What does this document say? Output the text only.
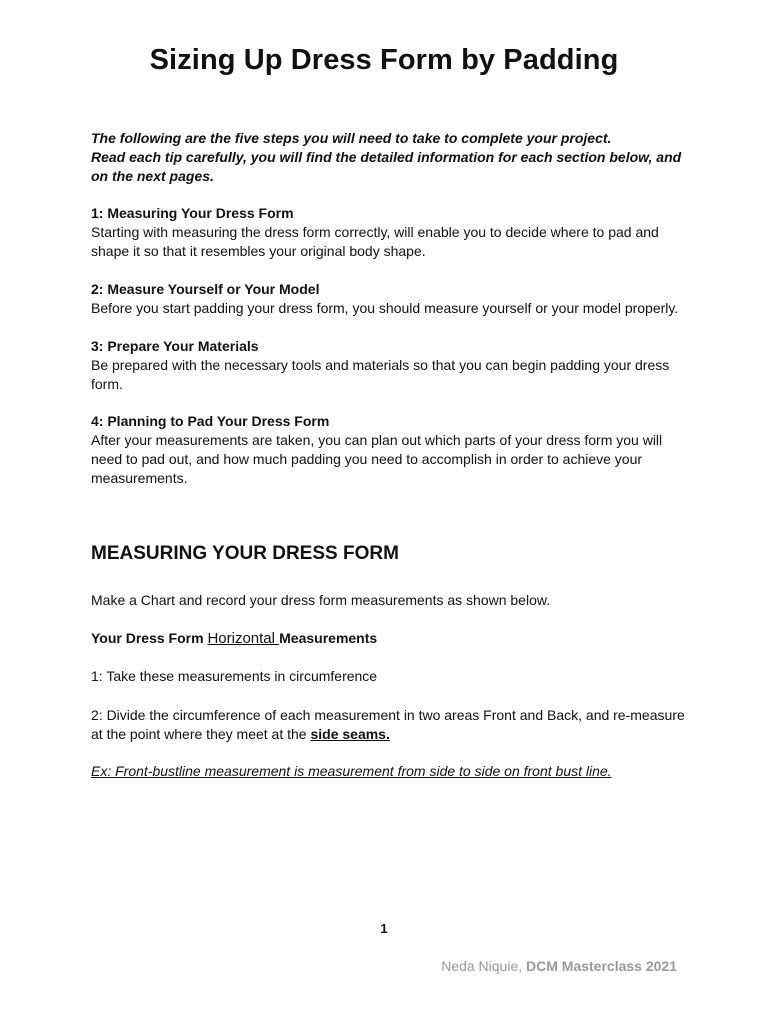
Sizing Up Dress Form by Padding

The following are the five steps you will need to take to complete your project.
Read each tip carefully, you will find the detailed information for each section below, and on the next pages.

1: Measuring Your Dress Form
Starting with measuring the dress form correctly, will enable you to decide where to pad and shape it so that it resembles your original body shape.
2: Measure Yourself or Your Model
Before you start padding your dress form, you should measure yourself or your model properly.
3: Prepare Your Materials
Be prepared with the necessary tools and materials so that you can begin padding your dress form.
4: Planning to Pad Your Dress Form
After your measurements are taken, you can plan out which parts of your dress form you will need to pad out, and how much padding you need to accomplish in order to achieve your measurements.
MEASURING YOUR DRESS FORM

Make a Chart and record your dress form measurements as shown below.

Your Dress Form Horizontal Measurements

1: Take these measurements in circumference

2: Divide the circumference of each measurement in two areas Front and Back, and re-measure at the point where they meet at the side seams.

Ex: Front-bustline measurement is measurement from side to side on front bust line.

1

Neda Niquie, DCM Masterclass 2021
